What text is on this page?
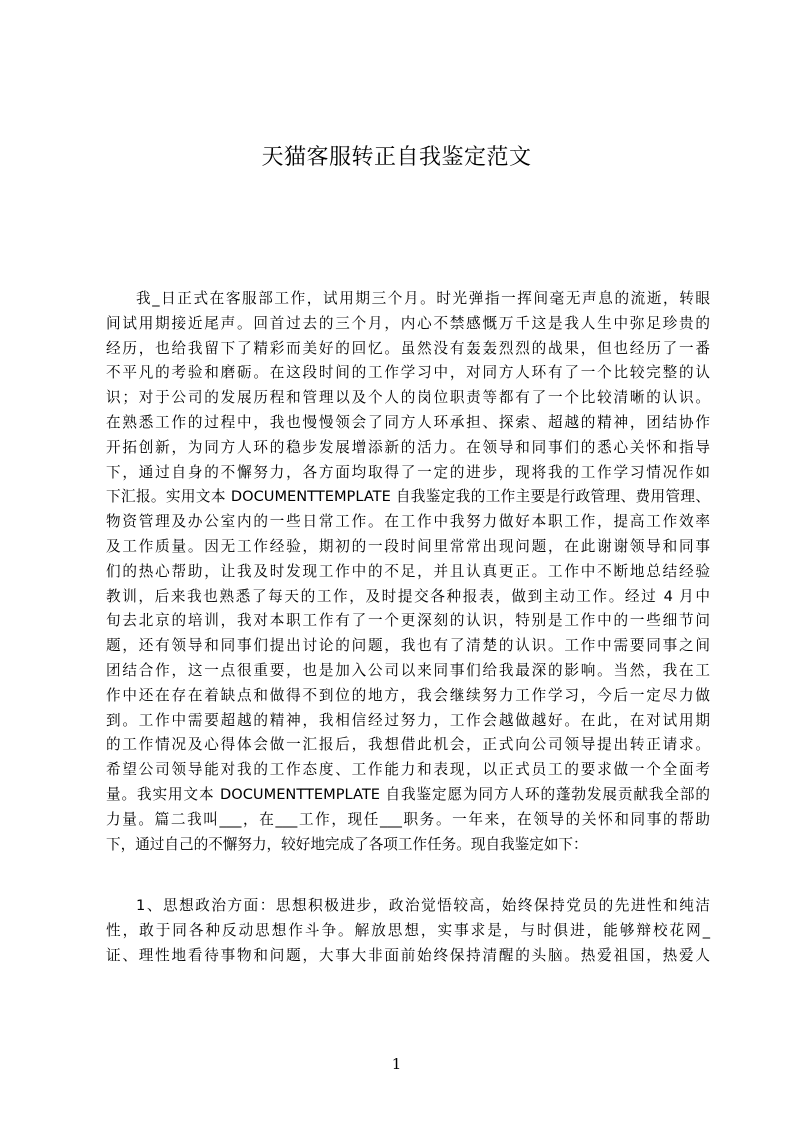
天猫客服转正自我鉴定范文
我_日正式在客服部工作，试用期三个月。时光弹指一挥间毫无声息的流逝，转眼
间试用期接近尾声。回首过去的三个月，内心不禁感慨万千这是我人生中弥足珍贵的
经历，也给我留下了精彩而美好的回忆。虽然没有轰轰烈烈的战果，但也经历了一番
不平凡的考验和磨砺。在这段时间的工作学习中，对同方人环有了一个比较完整的认
识；对于公司的发展历程和管理以及个人的岗位职责等都有了一个比较清晰的认识。
在熟悉工作的过程中，我也慢慢领会了同方人环承担、探索、超越的精神，团结协作
开拓创新，为同方人环的稳步发展增添新的活力。在领导和同事们的悉心关怀和指导
下，通过自身的不懈努力，各方面均取得了一定的进步，现将我的工作学习情况作如
下汇报。实用文本 DOCUMENTTEMPLATE 自我鉴定我的工作主要是行政管理、费用管理、
物资管理及办公室内的一些日常工作。在工作中我努力做好本职工作，提高工作效率
及工作质量。因无工作经验，期初的一段时间里常常出现问题，在此谢谢领导和同事
们的热心帮助，让我及时发现工作中的不足，并且认真更正。工作中不断地总结经验
教训，后来我也熟悉了每天的工作，及时提交各种报表，做到主动工作。经过 4 月中
旬去北京的培训，我对本职工作有了一个更深刻的认识，特别是工作中的一些细节问
题，还有领导和同事们提出讨论的问题，我也有了清楚的认识。工作中需要同事之间
团结合作，这一点很重要，也是加入公司以来同事们给我最深的影响。当然，我在工
作中还在存在着缺点和做得不到位的地方，我会继续努力工作学习，今后一定尽力做
到。工作中需要超越的精神，我相信经过努力，工作会越做越好。在此，在对试用期
的工作情况及心得体会做一汇报后，我想借此机会，正式向公司领导提出转正请求。
希望公司领导能对我的工作态度、工作能力和表现，以正式员工的要求做一个全面考
量。我实用文本 DOCUMENTTEMPLATE 自我鉴定愿为同方人环的蓬勃发展贡献我全部的
力量。篇二我叫___，在___工作，现任___职务。一年来，在领导的关怀和同事的帮助
下，通过自己的不懈努力，较好地完成了各项工作任务。现自我鉴定如下：
1、思想政治方面：思想积极进步，政治觉悟较高，始终保持党员的先进性和纯洁
性，敢于同各种反动思想作斗争。解放思想，实事求是，与时俱进，能够辩校花网_
证、理性地看待事物和问题，大事大非面前始终保持清醒的头脑。热爱祖国，热爱人
1
